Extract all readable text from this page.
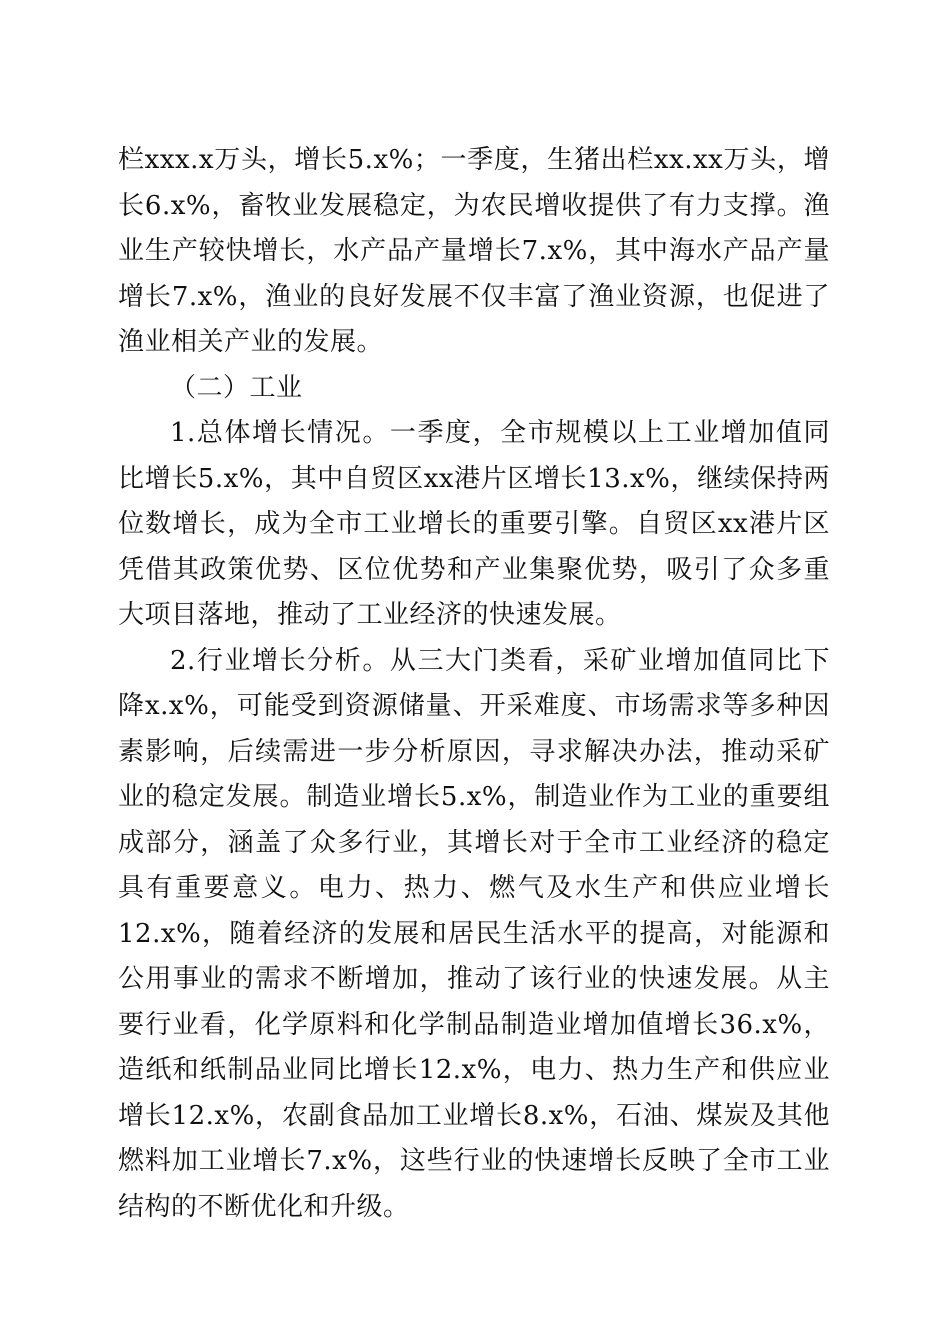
栏xxx.x万头，增长5.x%；一季度，生猪出栏xx.xx万头，增长6.x%，畜牧业发展稳定，为农民增收提供了有力支撑。渔业生产较快增长，水产品产量增长7.x%，其中海水产品产量增长7.x%，渔业的良好发展不仅丰富了渔业资源，也促进了渔业相关产业的发展。

（二）工业

1.总体增长情况。一季度，全市规模以上工业增加值同比增长5.x%，其中自贸区xx港片区增长13.x%，继续保持两位数增长，成为全市工业增长的重要引擎。自贸区xx港片区凭借其政策优势、区位优势和产业集聚优势，吸引了众多重大项目落地，推动了工业经济的快速发展。

2.行业增长分析。从三大门类看，采矿业增加值同比下降x.x%，可能受到资源储量、开采难度、市场需求等多种因素影响，后续需进一步分析原因，寻求解决办法，推动采矿业的稳定发展。制造业增长5.x%，制造业作为工业的重要组成部分，涵盖了众多行业，其增长对于全市工业经济的稳定具有重要意义。电力、热力、燃气及水生产和供应业增长12.x%，随着经济的发展和居民生活水平的提高，对能源和公用事业的需求不断增加，推动了该行业的快速发展。从主要行业看，化学原料和化学制品制造业增加值增长36.x%，造纸和纸制品业同比增长12.x%，电力、热力生产和供应业增长12.x%，农副食品加工业增长8.x%，石油、煤炭及其他燃料加工业增长7.x%，这些行业的快速增长反映了全市工业结构的不断优化和升级。
